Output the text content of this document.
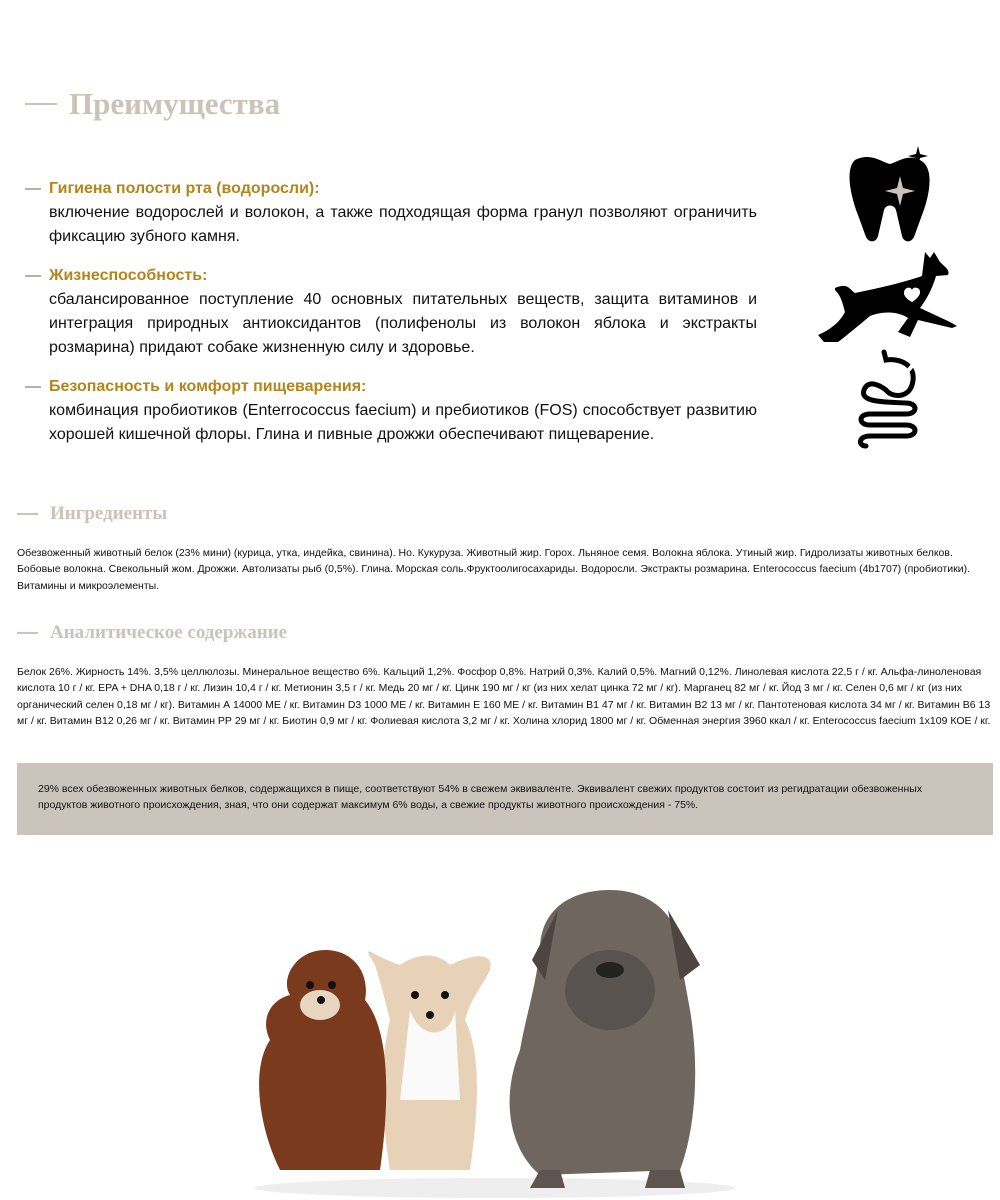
Преимущества
Гигиена полости рта (водоросли):

включение водорослей и волокон, а также подходящая форма гранул позволяют ограничить фиксацию зубного камня.

Жизнеспособность:

сбалансированное поступление 40 основных питательных веществ, защита витаминов и интеграция природных антиоксидантов (полифенолы из волокон яблока и экстракты розмарина) придают собаке жизненную силу и здоровье.

Безопасность и комфорт пищеварения:

комбинация пробиотиков (Enterrococcus faecium) и пребиотиков (FOS) способствует развитию хорошей кишечной флоры. Глина и пивные дрожжи обеспечивают пищеварение.

Ингредиенты
Обезвоженный животный белок (23% мини) (курица, утка, индейка, свинина). Но. Кукуруза. Животный жир. Горох. Льняное семя. Волокна яблока. Утиный жир. Гидролизаты животных белков. Бобовые волокна. Свекольный жом. Дрожжи. Автолизаты рыб (0,5%). Глина. Морская соль.Фруктоолигосахариды. Водоросли. Экстракты розмарина. Enterococcus faecium (4b1707) (пробиотики). Витамины и микроэлементы.
Аналитическое содержание
Белок 26%. Жирность 14%. 3,5% целлюлозы. Минеральное вещество 6%. Кальций 1,2%. Фосфор 0,8%. Натрий 0,3%. Калий 0,5%. Магний 0,12%. Линолевая кислота 22,5 г / кг. Альфа-линоленовая кислота 10 г / кг. EPA + DHA 0,18 г / кг. Лизин 10,4 г / кг. Метионин 3,5 г / кг. Медь 20 мг / кг. Цинк 190 мг / кг (из них хелат цинка 72 мг / кг). Марганец 82 мг / кг. Йод 3 мг / кг. Селен 0,6 мг / кг (из них органический селен 0,18 мг / кг). Витамин А 14000 МЕ / кг. Витамин D3 1000 МЕ / кг. Витамин Е 160 МЕ / кг. Витамин В1 47 мг / кг. Витамин В2 13 мг / кг. Пантотеновая кислота 34 мг / кг. Витамин В6 13 мг / кг. Витамин В12 0,26 мг / кг. Витамин РР 29 мг / кг. Биотин 0,9 мг / кг. Фолиевая кислота 3,2 мг / кг. Холина хлорид 1800 мг / кг. Обменная энергия 3960 ккал / кг. Enterococcus faecium 1x109 КОЕ / кг.

29% всех обезвоженных животных белков, содержащихся в пище, соответствуют 54% в свежем эквиваленте. Эквивалент свежих продуктов состоит из регидратации обезвоженных продуктов животного происхождения, зная, что они содержат максимум 6% воды, а свежие продукты животного происхождения - 75%.
